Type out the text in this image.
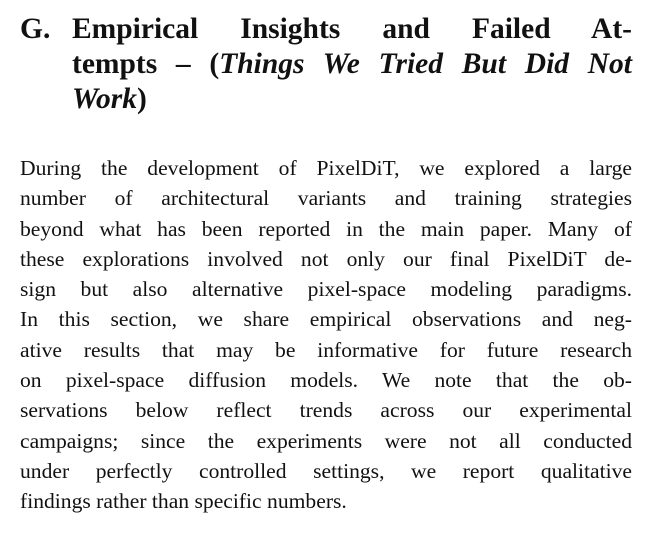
G. Empirical Insights and Failed At-
tempts – (Things We Tried But Did Not
Work)
During the development of PixelDiT, we explored a large
number of architectural variants and training strategies
beyond what has been reported in the main paper. Many of
these explorations involved not only our final PixelDiT de-
sign but also alternative pixel-space modeling paradigms.
In this section, we share empirical observations and neg-
ative results that may be informative for future research
on pixel-space diffusion models. We note that the ob-
servations below reflect trends across our experimental
campaigns; since the experiments were not all conducted
under perfectly controlled settings, we report qualitative
findings rather than specific numbers.
